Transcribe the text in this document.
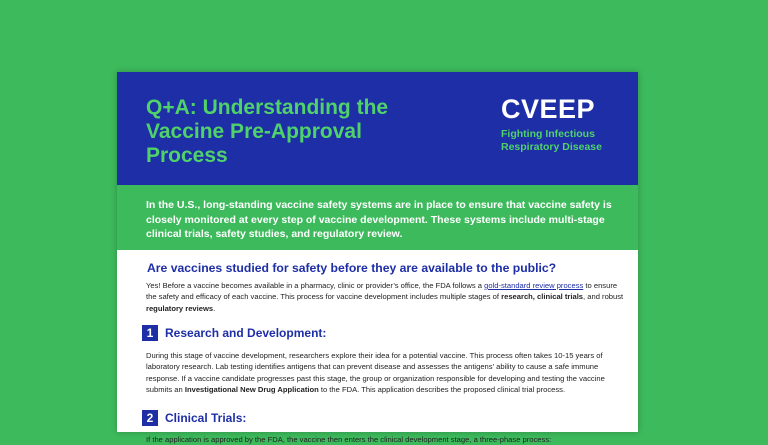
Q+A: Understanding the Vaccine Pre-Approval Process
CVEEP
Fighting Infectious Respiratory Disease

In the U.S., long-standing vaccine safety systems are in place to ensure that vaccine safety is closely monitored at every step of vaccine development. These systems include multi-stage clinical trials, safety studies, and regulatory review.

Are vaccines studied for safety before they are available to the public?
Yes! Before a vaccine becomes available in a pharmacy, clinic or provider’s office, the FDA follows a gold-standard review process to ensure the safety and efficacy of each vaccine. This process for vaccine development includes multiple stages of research, clinical trials, and robust regulatory reviews.
1 Research and Development:
During this stage of vaccine development, researchers explore their idea for a potential vaccine. This process often takes 10-15 years of laboratory research. Lab testing identifies antigens that can prevent disease and assesses the antigens’ ability to cause a safe immune response. If a vaccine candidate progresses past this stage, the group or organization responsible for developing and testing the vaccine submits an Investigational New Drug Application to the FDA. This application describes the proposed clinical trial process.
2 Clinical Trials:
If the application is approved by the FDA, the vaccine then enters the clinical development stage, a three-phase process:
